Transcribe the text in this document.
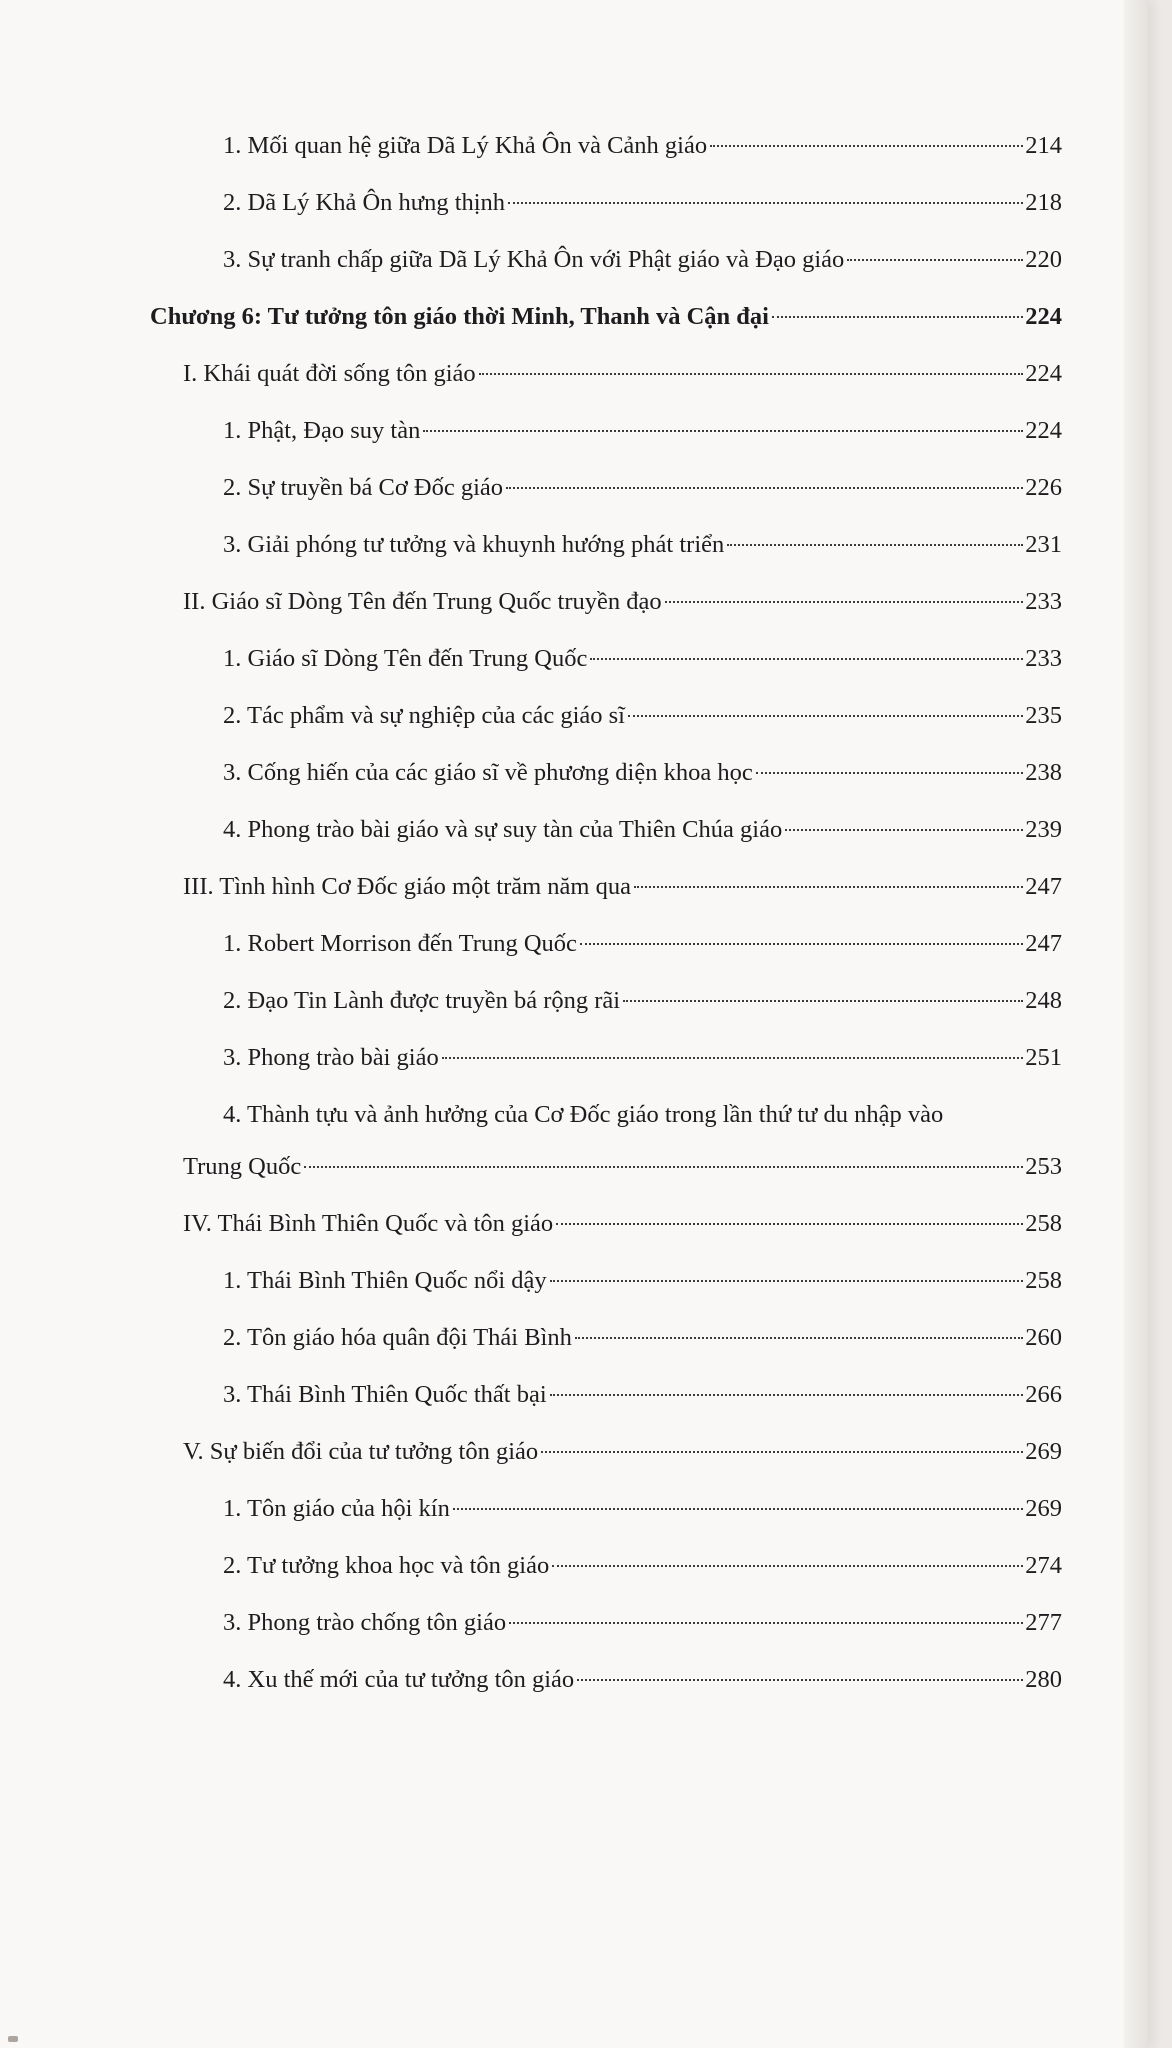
1. Mối quan hệ giữa Dã Lý Khả Ôn và Cảnh giáo	214
2. Dã Lý Khả Ôn hưng thịnh	218
3. Sự tranh chấp giữa Dã Lý Khả Ôn với Phật giáo và Đạo giáo	220
Chương 6: Tư tưởng tôn giáo thời Minh, Thanh và Cận đại	224
I. Khái quát đời sống tôn giáo	224
1. Phật, Đạo suy tàn	224
2. Sự truyền bá Cơ Đốc giáo	226
3. Giải phóng tư tưởng và khuynh hướng phát triển	231
II. Giáo sĩ Dòng Tên đến Trung Quốc truyền đạo	233
1. Giáo sĩ Dòng Tên đến Trung Quốc	233
2. Tác phẩm và sự nghiệp của các giáo sĩ	235
3. Cống hiến của các giáo sĩ về phương diện khoa học	238
4. Phong trào bài giáo và sự suy tàn của Thiên Chúa giáo	239
III. Tình hình Cơ Đốc giáo một trăm năm qua	247
1. Robert Morrison đến Trung Quốc	247
2. Đạo Tin Lành được truyền bá rộng rãi	248
3. Phong trào bài giáo	251
4. Thành tựu và ảnh hưởng của Cơ Đốc giáo trong lần thứ tư du nhập vào
Trung Quốc	253
IV. Thái Bình Thiên Quốc và tôn giáo	258
1. Thái Bình Thiên Quốc nổi dậy	258
2. Tôn giáo hóa quân đội Thái Bình	260
3. Thái Bình Thiên Quốc thất bại	266
V. Sự biến đổi của tư tưởng tôn giáo	269
1. Tôn giáo của hội kín	269
2. Tư tưởng khoa học và tôn giáo	274
3. Phong trào chống tôn giáo	277
4. Xu thế mới của tư tưởng tôn giáo	280
